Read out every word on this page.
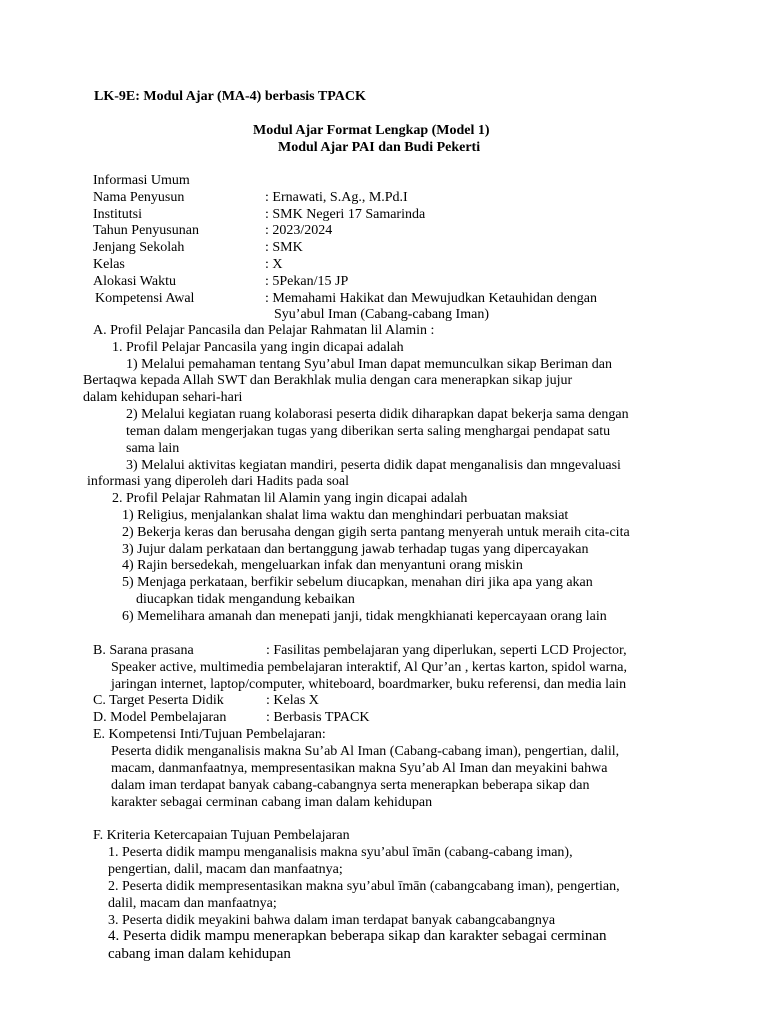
LK-9E: Modul Ajar (MA-4) berbasis TPACK
Modul Ajar Format Lengkap (Model 1)
Modul Ajar PAI dan Budi Pekerti
Informasi Umum
Nama Penyusun	: Ernawati, S.Ag., M.Pd.I
Institutsi	: SMK Negeri 17 Samarinda
Tahun Penyusunan	: 2023/2024
Jenjang Sekolah	: SMK
Kelas	: X
Alokasi Waktu	: 5Pekan/15 JP
Kompetensi Awal	: Memahami Hakikat dan Mewujudkan Ketauhidan dengan
Syu’abul Iman (Cabang-cabang Iman)
A. Profil Pelajar Pancasila dan Pelajar Rahmatan lil Alamin :
1. Profil Pelajar Pancasila yang ingin dicapai adalah
1) Melalui pemahaman tentang Syu’abul Iman dapat memunculkan sikap Beriman dan
Bertaqwa kepada Allah SWT dan Berakhlak mulia dengan cara menerapkan sikap jujur
dalam kehidupan sehari-hari
2) Melalui kegiatan ruang kolaborasi peserta didik diharapkan dapat bekerja sama dengan
teman dalam mengerjakan tugas yang diberikan serta saling menghargai pendapat satu
sama lain
3) Melalui aktivitas kegiatan mandiri, peserta didik dapat menganalisis dan mngevaluasi
informasi yang diperoleh dari Hadits pada soal
2. Profil Pelajar Rahmatan lil Alamin yang ingin dicapai adalah
1) Religius, menjalankan shalat lima waktu dan menghindari perbuatan maksiat
2) Bekerja keras dan berusaha dengan gigih serta pantang menyerah untuk meraih cita-cita
3) Jujur dalam perkataan dan bertanggung jawab terhadap tugas yang dipercayakan
4) Rajin bersedekah, mengeluarkan infak dan menyantuni orang miskin
5) Menjaga perkataan, berfikir sebelum diucapkan, menahan diri jika apa yang akan
diucapkan tidak mengandung kebaikan
6) Memelihara amanah dan menepati janji, tidak mengkhianati kepercayaan orang lain
B. Sarana prasana	: Fasilitas pembelajaran yang diperlukan, seperti LCD Projector,
Speaker active, multimedia pembelajaran interaktif, Al Qur’an , kertas karton, spidol warna,
jaringan internet, laptop/computer, whiteboard, boardmarker, buku referensi, dan media lain
C. Target Peserta Didik	: Kelas X
D. Model Pembelajaran	: Berbasis TPACK
E. Kompetensi Inti/Tujuan Pembelajaran:
Peserta didik menganalisis makna Su’ab Al Iman (Cabang-cabang iman), pengertian, dalil,
macam, danmanfaatnya, mempresentasikan makna Syu’ab Al Iman dan meyakini bahwa
dalam iman terdapat banyak cabang-cabangnya serta menerapkan beberapa sikap dan
karakter sebagai cerminan cabang iman dalam kehidupan
F. Kriteria Ketercapaian Tujuan Pembelajaran
1. Peserta didik mampu menganalisis makna syu’abul īmān (cabang-cabang iman),
pengertian, dalil, macam dan manfaatnya;
2. Peserta didik mempresentasikan makna syu’abul īmān (cabangcabang iman), pengertian,
dalil, macam dan manfaatnya;
3. Peserta didik meyakini bahwa dalam iman terdapat banyak cabangcabangnya
4. Peserta didik mampu menerapkan beberapa sikap dan karakter sebagai cerminan
cabang iman dalam kehidupan
